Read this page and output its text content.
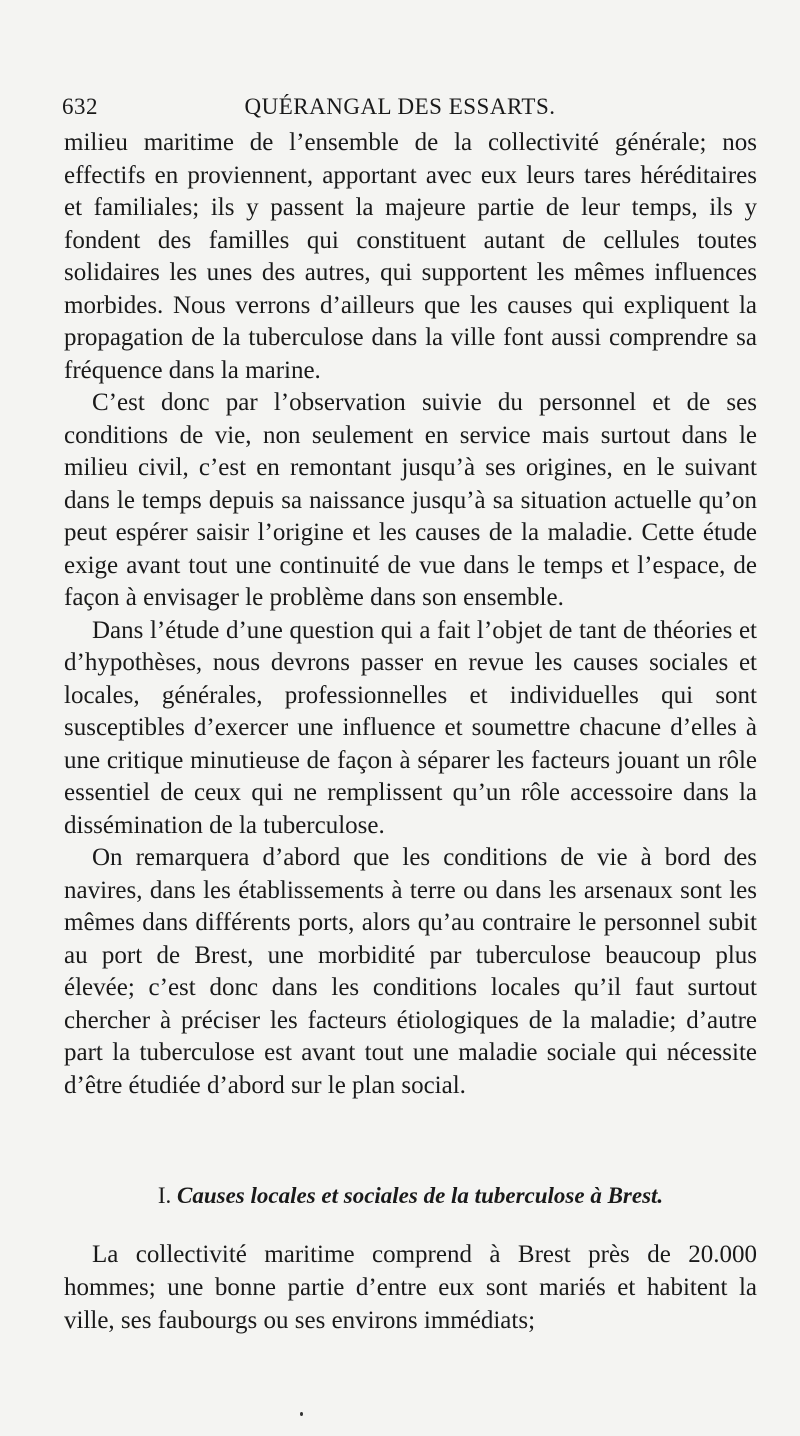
632	QUÉRANGAL DES ESSARTS.

milieu maritime de l’ensemble de la collectivité générale; nos effectifs en proviennent, apportant avec eux leurs tares héréditaires et familiales; ils y passent la majeure partie de leur temps, ils y fondent des familles qui constituent autant de cellules toutes solidaires les unes des autres, qui supportent les mêmes influences morbides. Nous verrons d’ailleurs que les causes qui expliquent la propagation de la tuberculose dans la ville font aussi comprendre sa fréquence dans la marine.

C’est donc par l’observation suivie du personnel et de ses conditions de vie, non seulement en service mais surtout dans le milieu civil, c’est en remontant jusqu’à ses origines, en le suivant dans le temps depuis sa naissance jusqu’à sa situation actuelle qu’on peut espérer saisir l’origine et les causes de la maladie. Cette étude exige avant tout une continuité de vue dans le temps et l’espace, de façon à envisager le problème dans son ensemble.

Dans l’étude d’une question qui a fait l’objet de tant de théories et d’hypothèses, nous devrons passer en revue les causes sociales et locales, générales, professionnelles et individuelles qui sont susceptibles d’exercer une influence et soumettre chacune d’elles à une critique minutieuse de façon à séparer les facteurs jouant un rôle essentiel de ceux qui ne remplissent qu’un rôle accessoire dans la dissémination de la tuberculose.

On remarquera d’abord que les conditions de vie à bord des navires, dans les établissements à terre ou dans les arsenaux sont les mêmes dans différents ports, alors qu’au contraire le personnel subit au port de Brest, une morbidité par tuberculose beaucoup plus élevée; c’est donc dans les conditions locales qu’il faut surtout chercher à préciser les facteurs étiologiques de la maladie; d’autre part la tuberculose est avant tout une maladie sociale qui nécessite d’être étudiée d’abord sur le plan social.

I. Causes locales et sociales de la tuberculose à Brest.

La collectivité maritime comprend à Brest près de 20.000 hommes; une bonne partie d’entre eux sont mariés et habitent la ville, ses faubourgs ou ses environs immédiats;
